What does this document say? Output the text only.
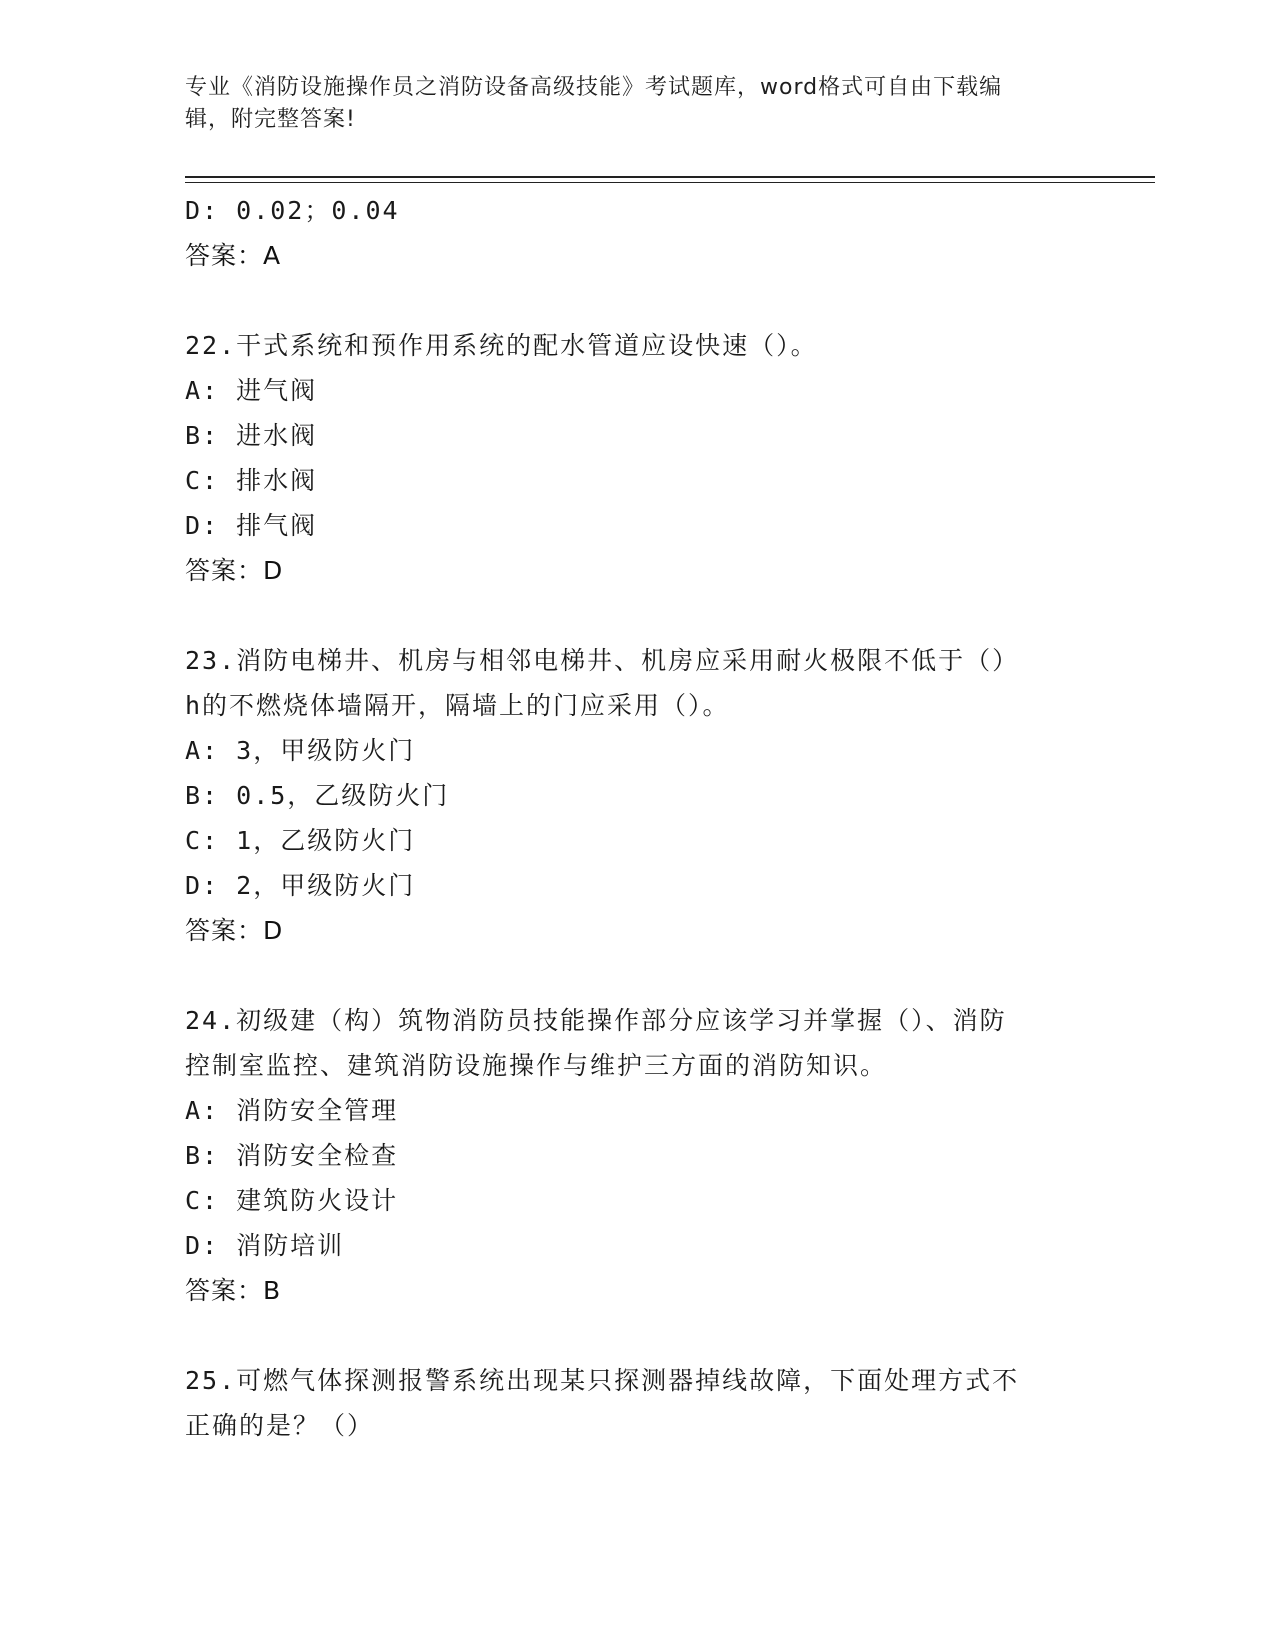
专业《消防设施操作员之消防设备高级技能》考试题库，word格式可自由下载编
辑，附完整答案!
D: 0.02；0.04
答案：A
22.干式系统和预作用系统的配水管道应设快速（）。
A: 进气阀
B: 进水阀
C: 排水阀
D: 排气阀
答案：D
23.消防电梯井、机房与相邻电梯井、机房应采用耐火极限不低于（）
h的不燃烧体墙隔开，隔墙上的门应采用（）。
A: 3，甲级防火门
B: 0.5，乙级防火门
C: 1，乙级防火门
D: 2，甲级防火门
答案：D
24.初级建（构）筑物消防员技能操作部分应该学习并掌握（）、消防
控制室监控、建筑消防设施操作与维护三方面的消防知识。
A: 消防安全管理
B: 消防安全检查
C: 建筑防火设计
D: 消防培训
答案：B
25.可燃气体探测报警系统出现某只探测器掉线故障，下面处理方式不
正确的是？（）
